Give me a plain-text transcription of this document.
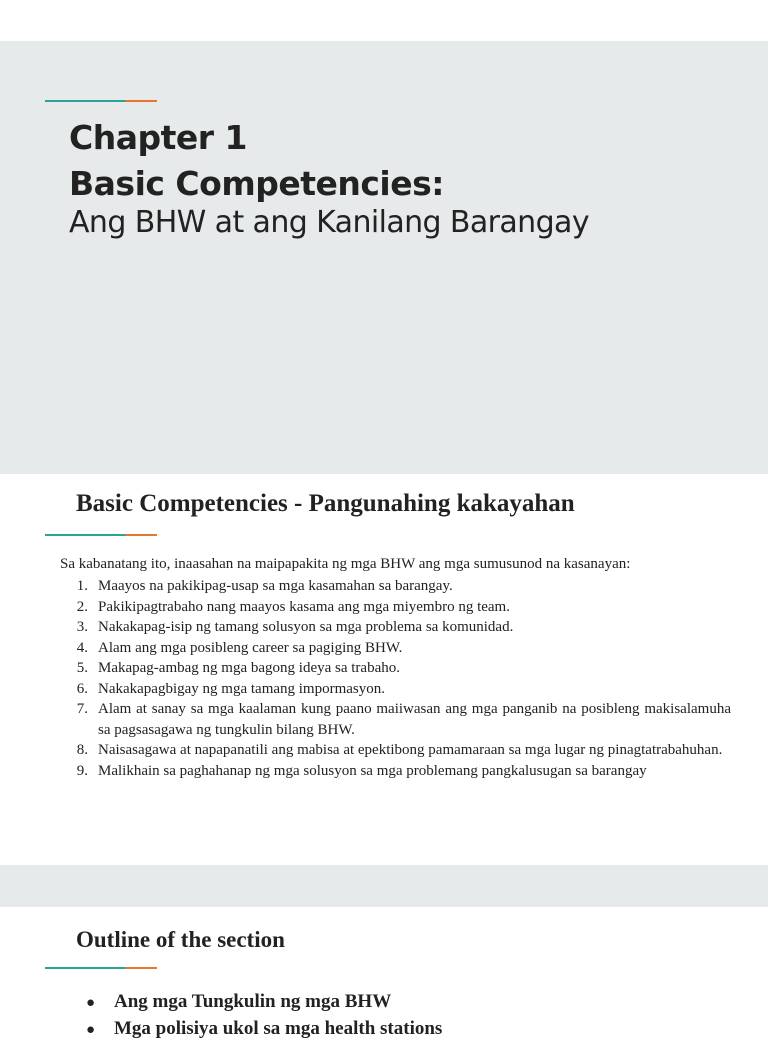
Chapter 1
Basic Competencies:
Ang BHW at ang Kanilang Barangay
Basic Competencies - Pangunahing kakayahan

Sa kabanatang ito, inaasahan na maipapakita ng mga BHW ang mga sumusunod na kasanayan:

1. Maayos na pakikipag-usap sa mga kasamahan sa barangay.
2. Pakikipagtrabaho nang maayos kasama ang mga miyembro ng team.
3. Nakakapag-isip ng tamang solusyon sa mga problema sa komunidad.
4. Alam ang mga posibleng career sa pagiging BHW.
5. Makapag-ambag ng mga bagong ideya sa trabaho.
6. Nakakapagbigay ng mga tamang impormasyon.
7. Alam at sanay sa mga kaalaman kung paano maiiwasan ang mga panganib na posibleng makisalamuha sa pagsasagawa ng tungkulin bilang BHW.
8. Naisasagawa at napapanatili ang mabisa at epektibong pamamaraan sa mga lugar ng pinagtatrabahuhan.
9. Malikhain sa paghahanap ng mga solusyon sa mga problemang pangkalusugan sa barangay
Outline of the section
● Ang mga Tungkulin ng mga BHW
● Mga polisiya ukol sa mga health stations
